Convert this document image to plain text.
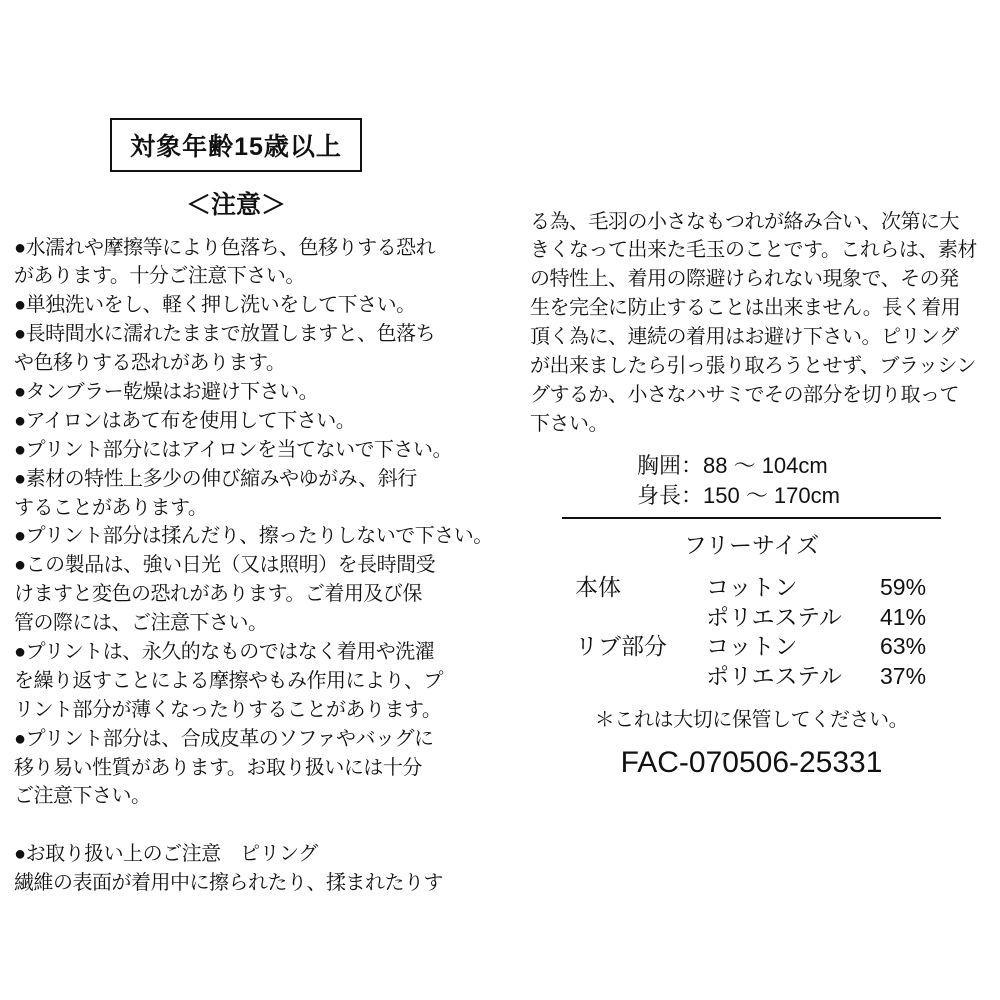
対象年齢15歳以上
＜注意＞
●水濡れや摩擦等により色落ち、色移りする恐れ
があります。十分ご注意下さい。
●単独洗いをし、軽く押し洗いをして下さい。
●長時間水に濡れたままで放置しますと、色落ち
や色移りする恐れがあります。
●タンブラー乾燥はお避け下さい。
●アイロンはあて布を使用して下さい。
●プリント部分にはアイロンを当てないで下さい。
●素材の特性上多少の伸び縮みやゆがみ、斜行
することがあります。
●プリント部分は揉んだり、擦ったりしないで下さい。
●この製品は、強い日光（又は照明）を長時間受
けますと変色の恐れがあります。ご着用及び保
管の際には、ご注意下さい。
●プリントは、永久的なものではなく着用や洗濯
を繰り返すことによる摩擦やもみ作用により、プ
リント部分が薄くなったりすることがあります。
●プリント部分は、合成皮革のソファやバッグに
移り易い性質があります。お取り扱いには十分
ご注意下さい。
●お取り扱い上のご注意　ピリング
繊維の表面が着用中に擦られたり、揉まれたりす
る為、毛羽の小さなもつれが絡み合い、次第に大
きくなって出来た毛玉のことです。これらは、素材
の特性上、着用の際避けられない現象で、その発
生を完全に防止することは出来ません。長く着用
頂く為に、連続の着用はお避け下さい。ピリング
が出来ましたら引っ張り取ろうとせず、ブラッシン
グするか、小さなハサミでその部分を切り取って
下さい。
胸囲：88 〜 104cm
身長：150 〜 170cm
フリーサイズ
本体	コットン	59%
ポリエステル 41%
リブ部分 コットン	63%
ポリエステル 37%
＊これは大切に保管してください。
FAC-070506-25331
